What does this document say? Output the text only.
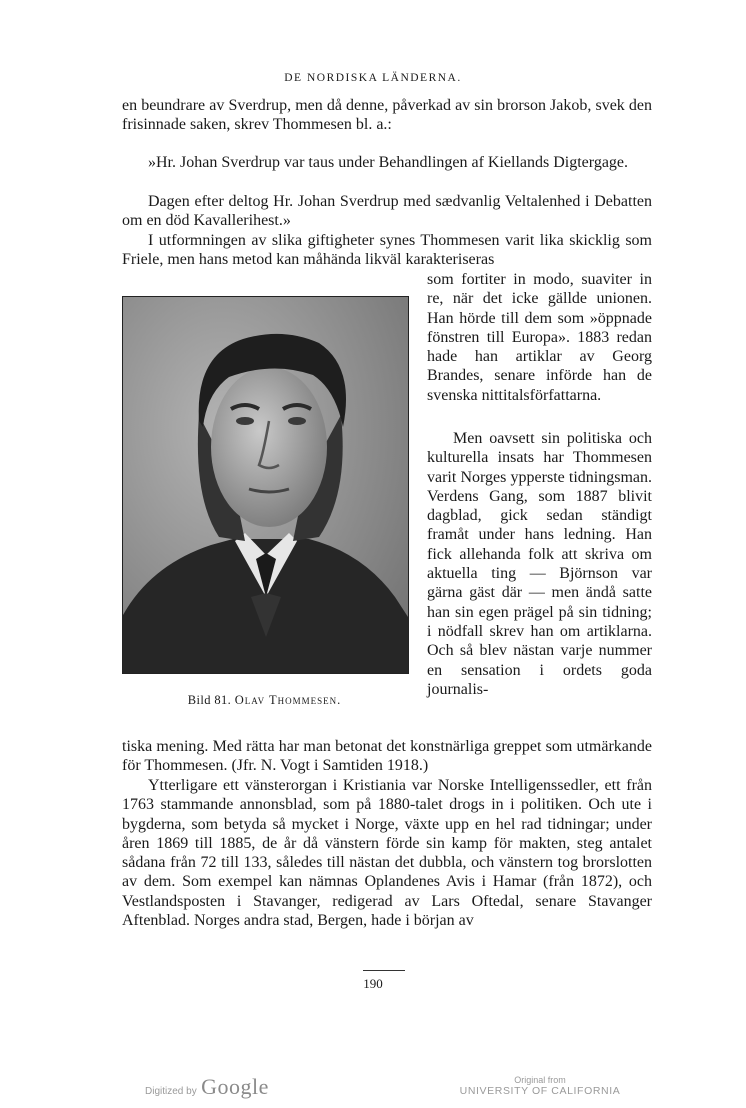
DE NORDISKA LÄNDERNA.

en beundrare av Sverdrup, men då denne, påverkad av sin brorson Jakob, svek den frisinnade saken, skrev Thommesen bl. a.:

»Hr. Johan Sverdrup var taus under Behandlingen af Kiellands Digtergage.

Dagen efter deltog Hr. Johan Sverdrup med sædvanlig Veltalenhed i Debatten om en död Kavallerihest.»

I utformningen av slika giftigheter synes Thommesen varit lika skicklig som Friele, men hans metod kan måhända likväl karakteriseras

som fortiter in modo, suaviter in re, när det icke gällde unionen. Han hörde till dem som »öppnade fönstren till Europa». 1883 redan hade han artiklar av Georg Brandes, senare införde han de svenska nittitalsförfattarna.

Men oavsett sin politiska och kulturella insats har Thommesen varit Norges ypperste tidningsman. Verdens Gang, som 1887 blivit dagblad, gick sedan ständigt framåt under hans ledning. Han fick allehanda folk att skriva om aktuella ting — Björnson var gärna gäst där — men ändå satte han sin egen prägel på sin tidning; i nödfall skrev han om artiklarna. Och så blev nästan varje nummer en sensation i ordets goda journalis-

Bild 81. Olav Thommesen.

tiska mening. Med rätta har man betonat det konstnärliga greppet som utmärkande för Thommesen. (Jfr. N. Vogt i Samtiden 1918.)

Ytterligare ett vänsterorgan i Kristiania var Norske Intelligenssedler, ett från 1763 stammande annonsblad, som på 1880-talet drogs in i politiken. Och ute i bygderna, som betyda så mycket i Norge, växte upp en hel rad tidningar; under åren 1869 till 1885, de år då vänstern förde sin kamp för makten, steg antalet sådana från 72 till 133, således till nästan det dubbla, och vänstern tog brorslotten av dem. Som exempel kan nämnas Oplandenes Avis i Hamar (från 1872), och Vestlandsposten i Stavanger, redigerad av Lars Oftedal, senare Stavanger Aftenblad. Norges andra stad, Bergen, hade i början av

190
Digitized by Google	Original from
UNIVERSITY OF CALIFORNIA
